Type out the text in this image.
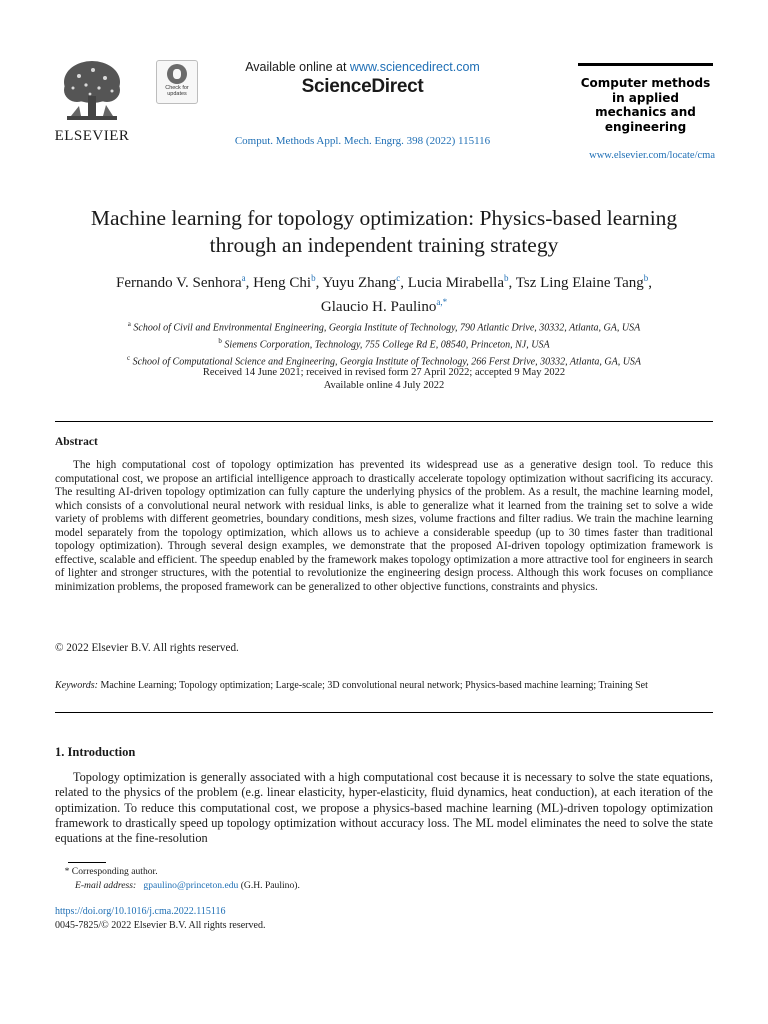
ELSEVIER
Check for updates
Available online at www.sciencedirect.com
ScienceDirect
Comput. Methods Appl. Mech. Engrg. 398 (2022) 115116
Computer methods
in applied
mechanics and
engineering
www.elsevier.com/locate/cma
Machine learning for topology optimization: Physics-based learning
through an independent training strategy
Fernando V. Senhora$^a$, Heng Chi$^b$, Yuyu Zhang$^c$, Lucia Mirabella$^b$, Tsz Ling Elaine Tang$^b$,
Glaucio H. Paulino$^{a,*}$
$^a$ School of Civil and Environmental Engineering, Georgia Institute of Technology, 790 Atlantic Drive, 30332, Atlanta, GA, USA
$^b$ Siemens Corporation, Technology, 755 College Rd E, 08540, Princeton, NJ, USA
$^c$ School of Computational Science and Engineering, Georgia Institute of Technology, 266 Ferst Drive, 30332, Atlanta, GA, USA
Received 14 June 2021; received in revised form 27 April 2022; accepted 9 May 2022
Available online 4 July 2022
Abstract

The high computational cost of topology optimization has prevented its widespread use as a generative design tool. To reduce this computational cost, we propose an artificial intelligence approach to drastically accelerate topology optimization without sacrificing its accuracy. The resulting AI-driven topology optimization can fully capture the underlying physics of the problem. As a result, the machine learning model, which consists of a convolutional neural network with residual links, is able to generalize what it learned from the training set to solve a wide variety of problems with different geometries, boundary conditions, mesh sizes, volume fractions and filter radius. We train the machine learning model separately from the topology optimization, which allows us to achieve a considerable speedup (up to 30 times faster than traditional topology optimization). Through several design examples, we demonstrate that the proposed AI-driven topology optimization framework is effective, scalable and efficient. The speedup enabled by the framework makes topology optimization a more attractive tool for engineers in search of lighter and stronger structures, with the potential to revolutionize the engineering design process. Although this work focuses on compliance minimization problems, the proposed framework can be generalized to other objective functions, constraints and physics.

© 2022 Elsevier B.V. All rights reserved.
Keywords: Machine Learning; Topology optimization; Large-scale; 3D convolutional neural network; Physics-based machine learning; Training Set
1. Introduction

Topology optimization is generally associated with a high computational cost because it is necessary to solve the state equations, related to the physics of the problem (e.g. linear elasticity, hyper-elasticity, fluid dynamics, heat conduction), at each iteration of the optimization. To reduce this computational cost, we propose a physics-based machine learning (ML)-driven topology optimization framework to drastically speed up topology optimization without accuracy loss. The ML model eliminates the need to solve the state equations at the fine-resolution

* Corresponding author.
E-mail address: gpaulino@princeton.edu (G.H. Paulino).
https://doi.org/10.1016/j.cma.2022.115116
0045-7825/© 2022 Elsevier B.V. All rights reserved.
